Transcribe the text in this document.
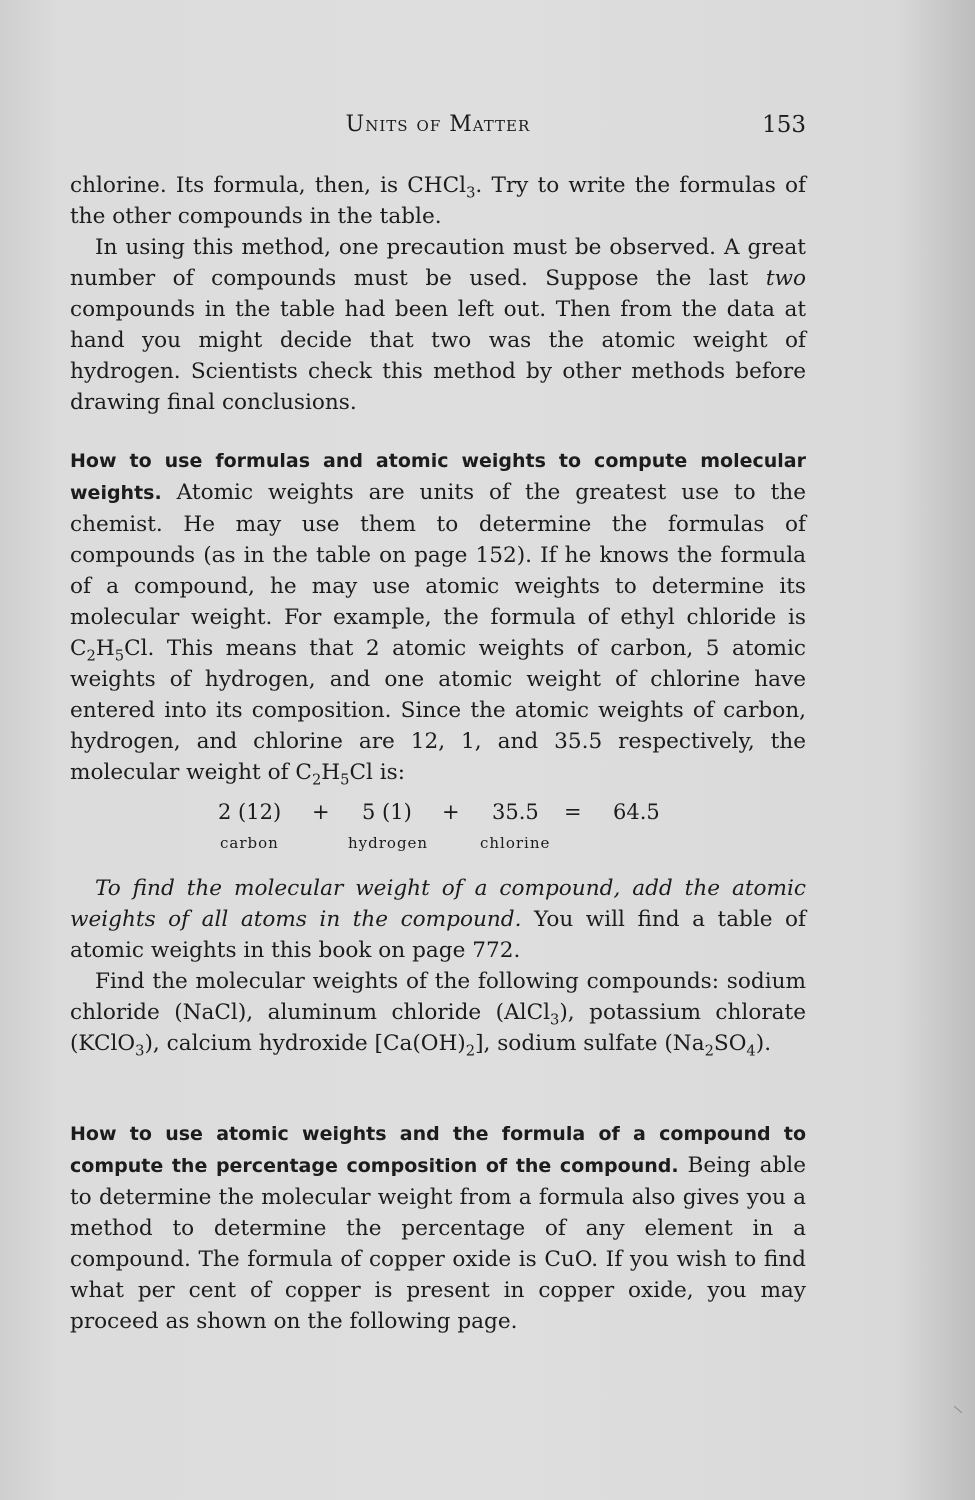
Units of Matter	153

chlorine. Its formula, then, is CHCl$_3$. Try to write the formulas of the other compounds in the table.

In using this method, one precaution must be observed. A great number of compounds must be used. Suppose the last two compounds in the table had been left out. Then from the data at hand you might decide that two was the atomic weight of hydrogen. Scientists check this method by other methods before drawing final conclusions.

How to use formulas and atomic weights to compute molecular weights. Atomic weights are units of the greatest use to the chemist. He may use them to determine the formulas of compounds (as in the table on page 152). If he knows the formula of a compound, he may use atomic weights to determine its molecular weight. For example, the formula of ethyl chloride is $C_2H_5Cl$. This means that 2 atomic weights of carbon, 5 atomic weights of hydrogen, and one atomic weight of chlorine have entered into its composition. Since the atomic weights of carbon, hydrogen, and chlorine are 12, 1, and 35.5 respectively, the molecular weight of $C_2H_5Cl$ is:

2 (12) + 5 (1) + 35.5 = 64.5
carbon	hydrogen	chlorine

To find the molecular weight of a compound, add the atomic weights of all atoms in the compound. You will find a table of atomic weights in this book on page 772.

Find the molecular weights of the following compounds: sodium chloride (NaCl), aluminum chloride (AlCl$_3$), potassium chlorate (KClO$_3$), calcium hydroxide $[Ca(OH)_2]$, sodium sulfate $(Na_2SO_4)$.

How to use atomic weights and the formula of a compound to compute the percentage composition of the compound. Being able to determine the molecular weight from a formula also gives you a method to determine the percentage of any element in a compound. The formula of copper oxide is CuO. If you wish to find what per cent of copper is present in copper oxide, you may proceed as shown on the following page.
